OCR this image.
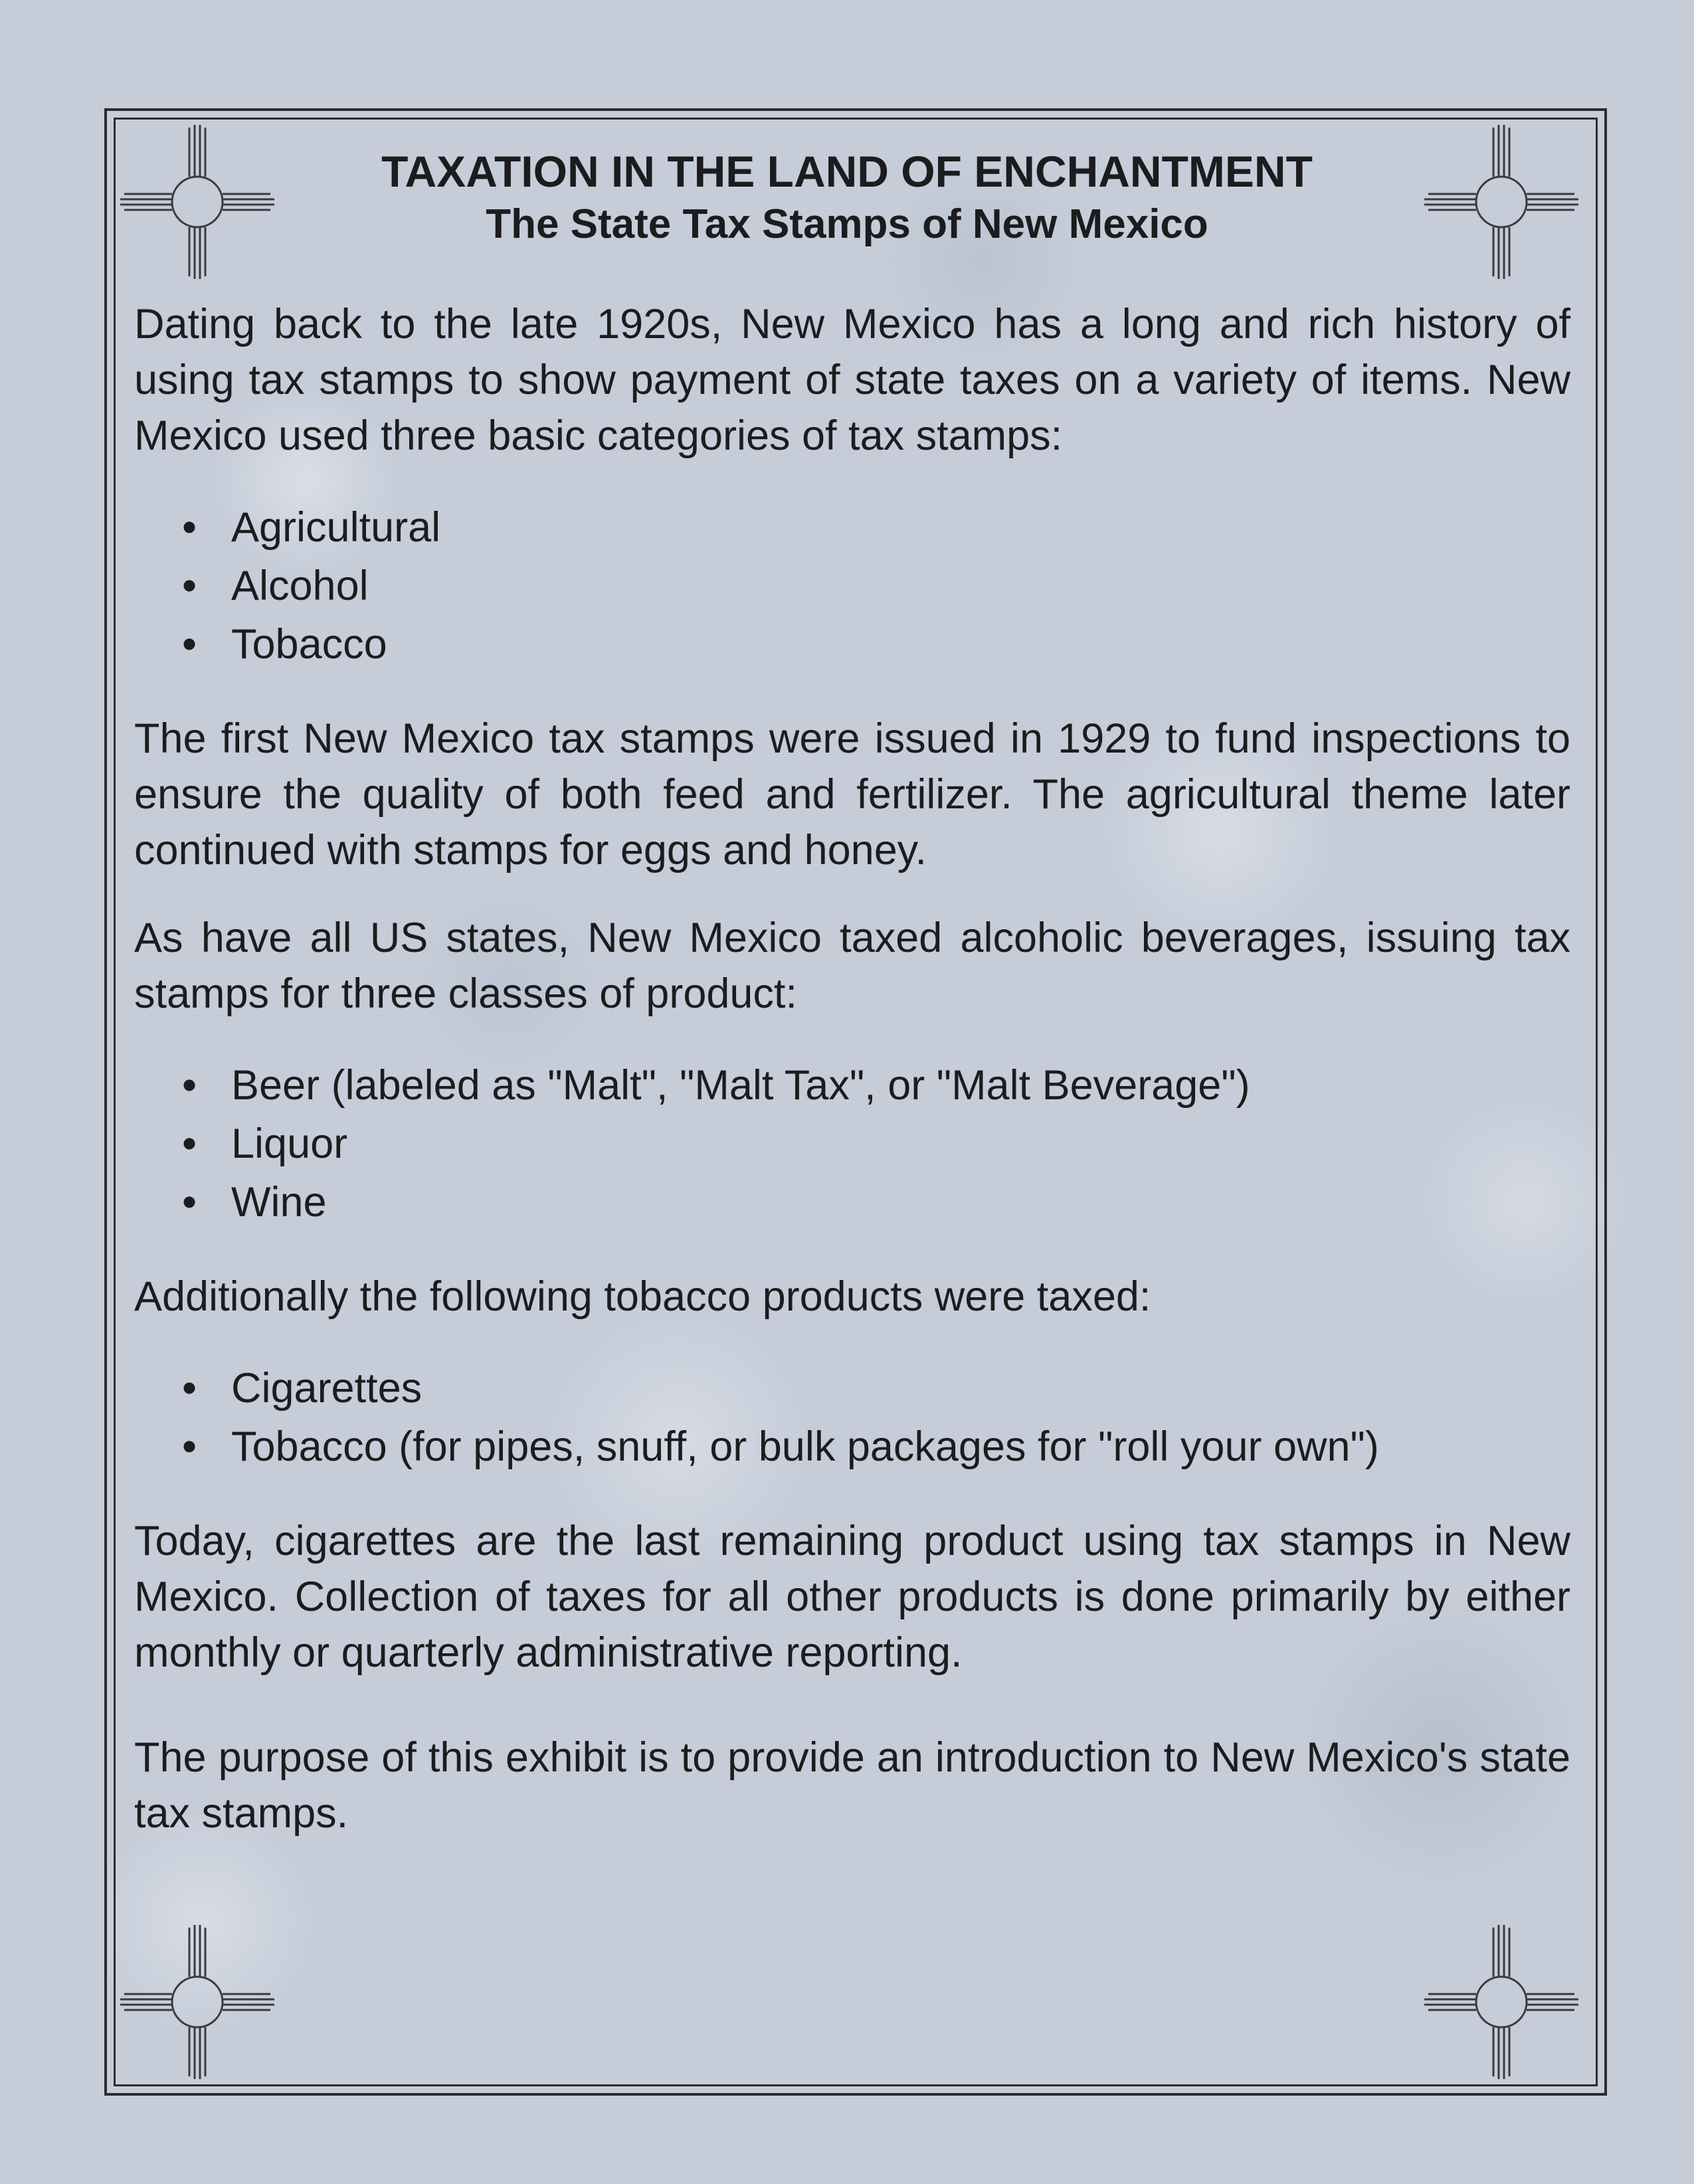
TAXATION IN THE LAND OF ENCHANTMENT
The State Tax Stamps of New Mexico

Dating back to the late 1920s, New Mexico has a long and rich history of using tax stamps to show payment of state taxes on a variety of items. New Mexico used three basic categories of tax stamps:

• Agricultural
• Alcohol
• Tobacco

The first New Mexico tax stamps were issued in 1929 to fund inspections to ensure the quality of both feed and fertilizer. The agricultural theme later continued with stamps for eggs and honey.

As have all US states, New Mexico taxed alcoholic beverages, issuing tax stamps for three classes of product:

• Beer (labeled as "Malt", "Malt Tax", or "Malt Beverage")
• Liquor
• Wine

Additionally the following tobacco products were taxed:

• Cigarettes
• Tobacco (for pipes, snuff, or bulk packages for "roll your own")

Today, cigarettes are the last remaining product using tax stamps in New Mexico. Collection of taxes for all other products is done primarily by either monthly or quarterly administrative reporting.

The purpose of this exhibit is to provide an introduction to New Mexico's state tax stamps.
